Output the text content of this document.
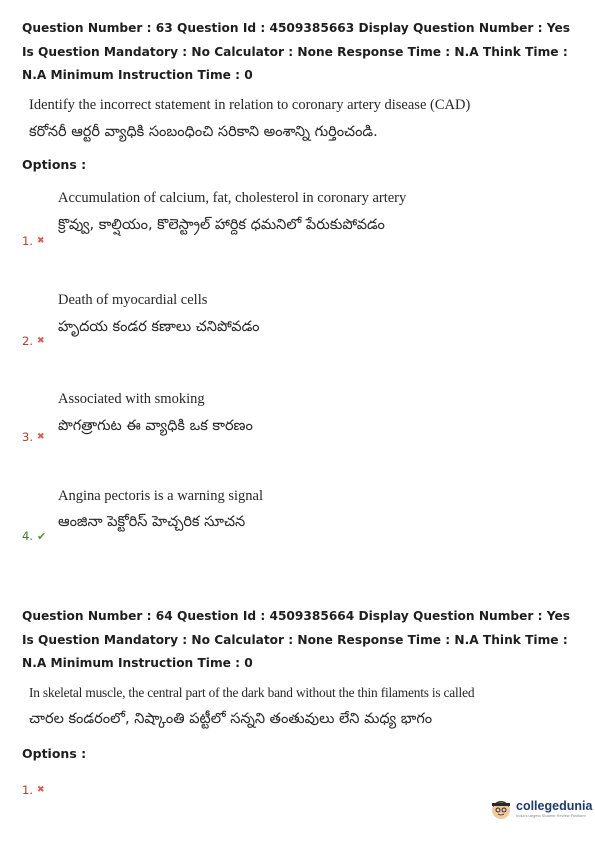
Question Number : 63 Question Id : 4509385663 Display Question Number : Yes Is Question Mandatory : No Calculator : None Response Time : N.A Think Time : N.A Minimum Instruction Time : 0
Identify the incorrect statement in relation to coronary artery disease (CAD)
కరోనరీ ఆర్టరీ వ్యాధికి సంబంధించి సరికాని అంశాన్ని గుర్తించండి.
Options :
Accumulation of calcium, fat, cholesterol in coronary artery
క్రొవ్వు, కాల్షియం, కొలెస్ట్రాల్ హార్దిక ధమనిలో పేరుకుపోవడం
1. ✖
Death of myocardial cells
హృదయ కండర కణాలు చనిపోవడం
2. ✖
Associated with smoking
పొగత్రాగుట ఈ వ్యాధికి ఒక కారణం
3. ✖
Angina pectoris is a warning signal
ఆంజినా పెక్టోరిస్ హెచ్చరిక సూచన
4. ✔
Question Number : 64 Question Id : 4509385664 Display Question Number : Yes Is Question Mandatory : No Calculator : None Response Time : N.A Think Time : N.A Minimum Instruction Time : 0
In skeletal muscle, the central part of the dark band without the thin filaments is called
చారల కండరంలో, నిష్కాంతి పట్టీలో సన్నని తంతువులు లేని మధ్య భాగం
Options :
1. ✖
collegedunia
India's largest Student Review Platform
